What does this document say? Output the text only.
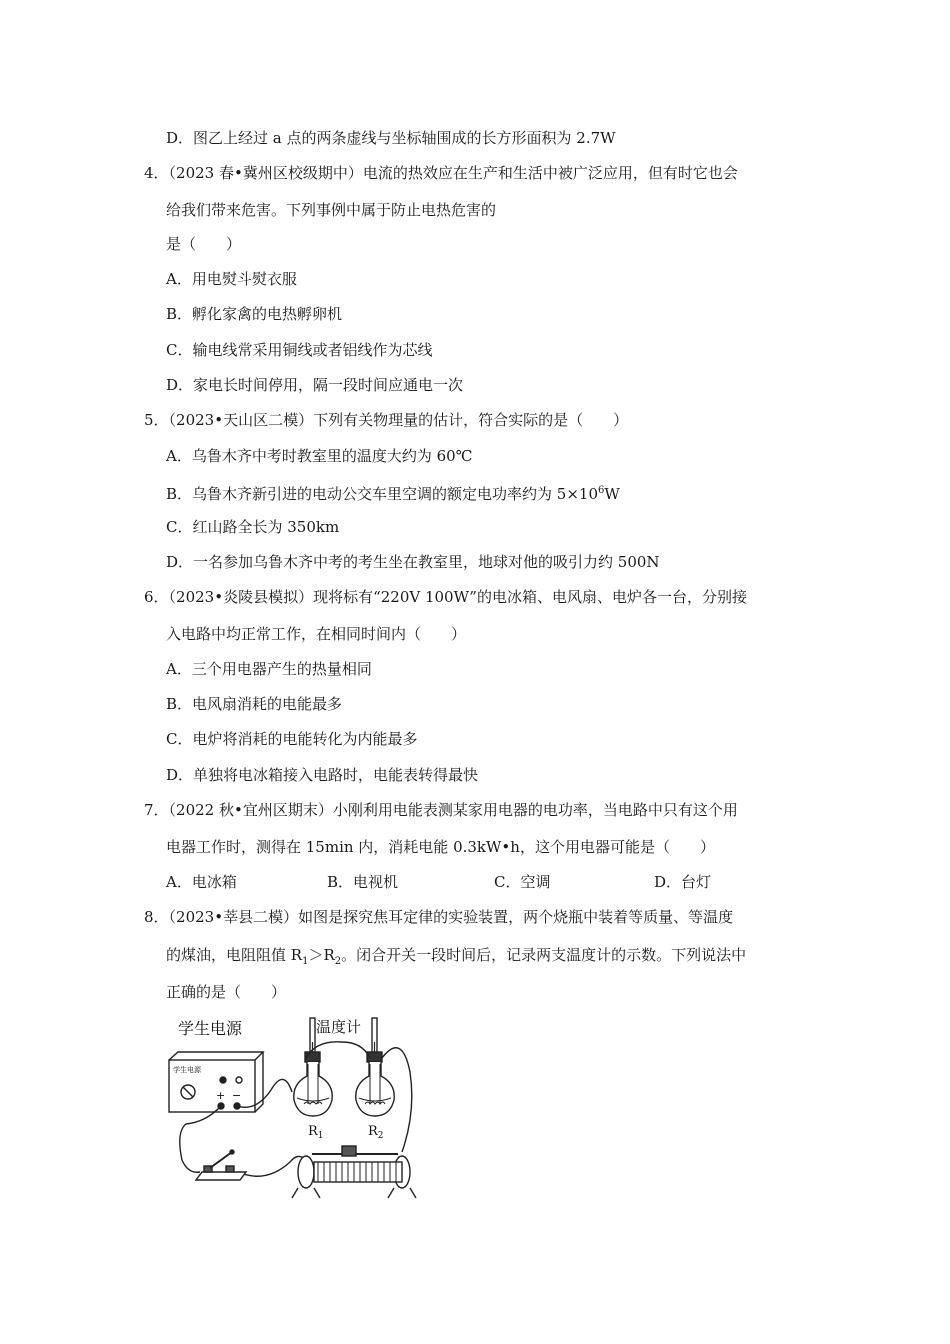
D．图乙上经过 a 点的两条虚线与坐标轴围成的长方形面积为 2.7W
4．（2023 春•冀州区校级期中）电流的热效应在生产和生活中被广泛应用，但有时它也会
给我们带来危害。下列事例中属于防止电热危害的
是（　　）
A．用电熨斗熨衣服
B．孵化家禽的电热孵卵机
C．输电线常采用铜线或者铝线作为芯线
D．家电长时间停用，隔一段时间应通电一次
5．（2023•天山区二模）下列有关物理量的估计，符合实际的是（　　）
A．乌鲁木齐中考时教室里的温度大约为 60℃
B．乌鲁木齐新引进的电动公交车里空调的额定电功率约为 $5\times 10^6W$
C．红山路全长为 350km
D．一名参加乌鲁木齐中考的考生坐在教室里，地球对他的吸引力约 500N
6．（2023•炎陵县模拟）现将标有“220V 100W”的电冰箱、电风扇、电炉各一台，分别接
入电路中均正常工作，在相同时间内（　　）
A．三个用电器产生的热量相同
B．电风扇消耗的电能最多
C．电炉将消耗的电能转化为内能最多
D．单独将电冰箱接入电路时，电能表转得最快
7．（2022 秋•宜州区期末）小刚利用电能表测某家用电器的电功率，当电路中只有这个用
电器工作时，测得在 15min 内，消耗电能 0.3kW•h，这个用电器可能是（　　）
A．电冰箱	B．电视机	C．空调	D．台灯
8．（2023•莘县二模）如图是探究焦耳定律的实验装置，两个烧瓶中装着等质量、等温度
的煤油，电阻阻值 $R_1>R_2$。闭合开关一段时间后，记录两支温度计的示数。下列说法中
正确的是（　　）
学生电源
学生电源
+ −
温度计
$R_1$	$R_2$
